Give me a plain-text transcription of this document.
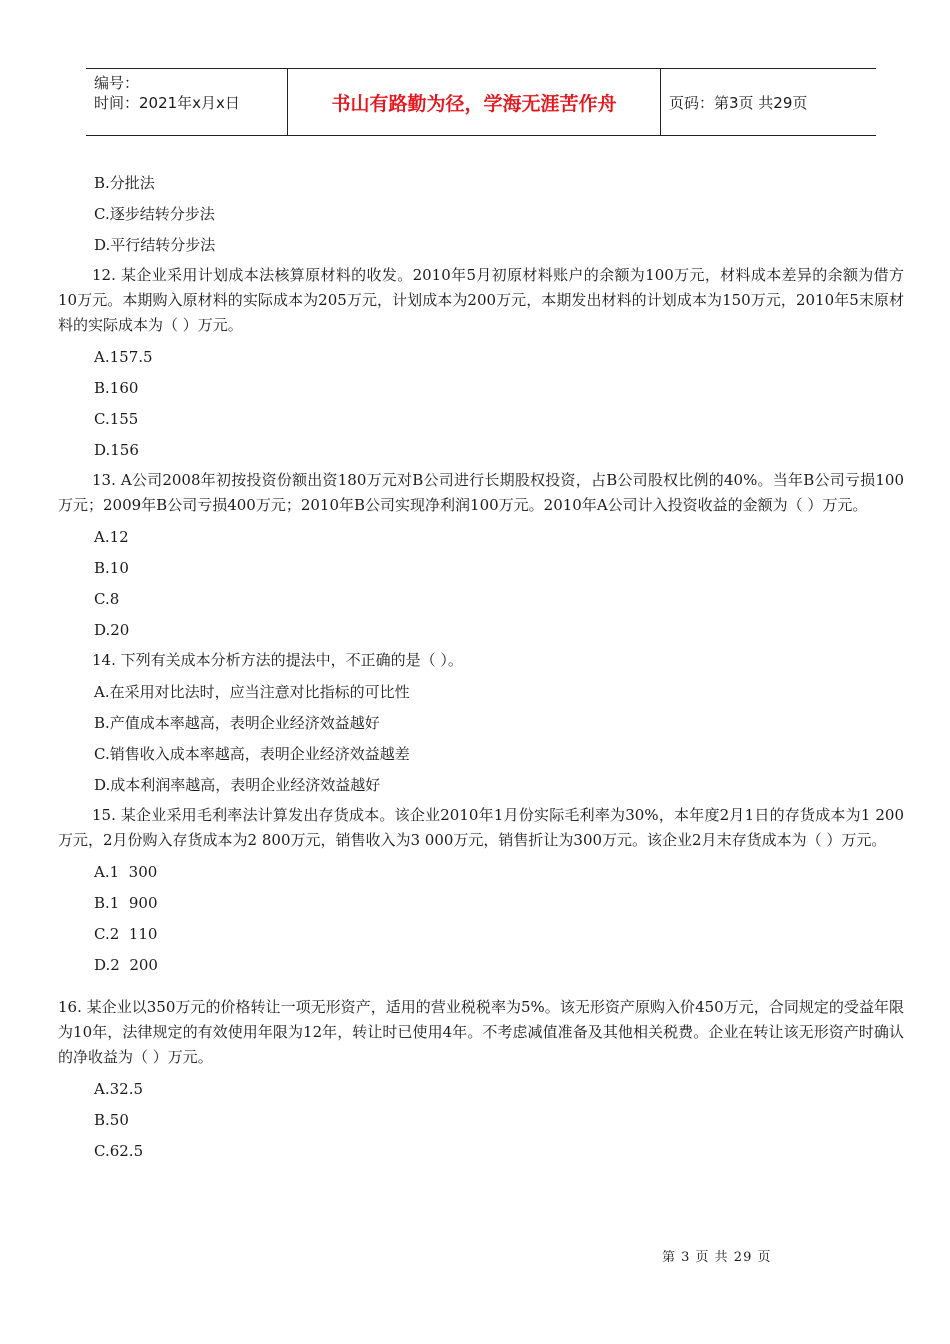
编号：
时间：2021年x月x日	书山有路勤为径，学海无涯苦作舟	页码：第3页 共29页
B.分批法
C.逐步结转分步法
D.平行结转分步法
12. 某企业采用计划成本法核算原材料的收发。2010年5月初原材料账户的余额为100万元，材料成本差异的余额为借方10万元。本期购入原材料的实际成本为205万元，计划成本为200万元，本期发出材料的计划成本为150万元，2010年5末原材料的实际成本为（ ）万元。
A.157.5
B.160
C.155
D.156
13. A公司2008年初按投资份额出资180万元对B公司进行长期股权投资，占B公司股权比例的40%。当年B公司亏损100万元；2009年B公司亏损400万元；2010年B公司实现净利润100万元。2010年A公司计入投资收益的金额为（ ）万元。
A.12
B.10
C.8
D.20
14. 下列有关成本分析方法的提法中，不正确的是（ ）。
A.在采用对比法时，应当注意对比指标的可比性
B.产值成本率越高，表明企业经济效益越好
C.销售收入成本率越高，表明企业经济效益越差
D.成本利润率越高，表明企业经济效益越好
15. 某企业采用毛利率法计算发出存货成本。该企业2010年1月份实际毛利率为30%，本年度2月1日的存货成本为1 200万元，2月份购入存货成本为2 800万元，销售收入为3 000万元，销售折让为300万元。该企业2月末存货成本为（ ）万元。
A.1  300
B.1  900
C.2  110
D.2  200
16. 某企业以350万元的价格转让一项无形资产，适用的营业税税率为5%。该无形资产原购入价450万元，合同规定的受益年限为10年，法律规定的有效使用年限为12年，转让时已使用4年。不考虑减值准备及其他相关税费。企业在转让该无形资产时确认的净收益为（ ）万元。
A.32.5
B.50
C.62.5
第 3 页 共 29 页
